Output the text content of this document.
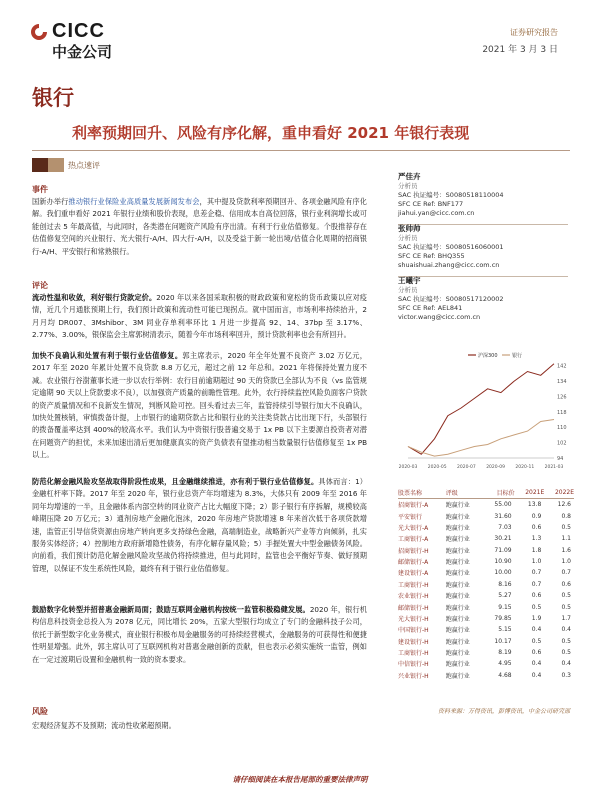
CICC
中金公司
证券研究报告
2021 年 3 月 3 日
银行
利率预期回升、风险有序化解，重申看好 2021 年银行表现
热点速评
事件
国新办举行推动银行业保险业高质量发展新闻发布会，其中提及贷款利率预期回升、各项金融风险有序化解。我们重申看好 2021 年银行业绩和股价表现，息差企稳、信用成本自高位回落，银行业利润增长或可能创过去 5 年最高值，与此同时，各类潜在问题资产风险有序出清。有利于行业估值修复。个股推荐存在估值修复空间的兴业银行、光大银行-A/H、四大行-A/H，以及受益于新一轮出境/估值合化周期的招商银行-A/H、平安银行和常熟银行。
评论
流动性温和收敛，利好银行贷款定价。2020 年以来各国采取积极的财政政策和宽松的货币政策以应对疫情，近几个月通胀预期上行，我们预计政策和流动性可能已现拐点。就中国而言，市场利率持续抬升，2 月月均 DR007、3Mshibor、3M 同业存单利率环比 1 月进一步提高 92、14、37bp 至 3.17%、2.77%、3.00%，银保监会主席郭树清表示，随着今年市场利率回升，预计贷款利率也会有所回升。
加快不良确认和处置有利于银行业估值修复。郭主席表示，2020 年全年处置不良资产 3.02 万亿元，2017 年至 2020 年累计处置不良贷款 8.8 万亿元，超过之前 12 年总和。2021 年将保持处置力度不减。农业银行谷澍董事长进一步以农行举例：农行目前逾期超过 90 天的贷款已全部认为不良（vs 监管规定逾期 90 天以上贷款要求不良），以加强资产质量的前瞻性管理。此外，农行持续监控风险负面客户贷款的资产质量情况和不良新发生情况，判断风险可控。回头看过去三年，监管持续引导银行加大不良确认，加快处置核销，审慎拨备计提，上市银行的逾期贷款占比和银行业的关注类贷款占比出现下行，头部银行的拨备覆盖率达到 400%的较高水平。我们认为中资银行股普遍交易于 1x PB 以下主要源自投资者对潜在问题资产的担忧，未来加速出清后更加健康真实的资产负债表有望推动相当数量银行估值修复至 1x PB 以上。
防范化解金融风险攻坚战取得阶段性成果，且金融继续推进，亦有利于银行业估值修复。具体而言：1）金融杠杆率下降。2017 年至 2020 年，银行业总资产年均增速为 8.3%，大体只有 2009 年至 2016 年同年均增速的一半，且金融体系内部空转的同业资产占比大幅度下降；2）影子银行有序拆解，规模较高峰期压降 20 万亿元；3）通剂房地产金融化泡沫，2020 年房地产贷款增速 8 年来首次低于各项贷款增速，监管正引导信贷资源由房地产转向更多支持绿色金融，高端制造业，战略新兴产业等方向倾斜，扎实服务实体经济；4）控制地方政府新增隐性债务，有序化解存量风险；5）手握处置大中型金融债务风险。向前看，我们预计防范化解金融风险攻坚战仍将持续推进，但与此同时，监管也会平衡好节奏、做好预期管理，以保证不发生系统性风险，最终有利于银行业估值修复。
鼓励数字化转型并招普惠金融新局面；鼓励互联网金融机构按统一监管积极稳健发展。2020 年，银行机构信息科技资金总投入为 2078 亿元，同比增长 20%，五家大型银行均成立了专门的金融科技子公司，依托于新型数字化业务模式，商业银行积极布局金融服务的可持续经营模式，金融服务的可获得性和便捷性明显增强。此外，郭主席认可了互联网机构对普惠金融创新的贡献，但也表示必须实施统一监管，例如在一定过渡期后设置和金融机构一致的资本要求。
风险
宏观经济复苏不及预期；流动性收紧超预期。
严佳卉
分析员
SAC 执证编号：S0080518110004
SFC CE Ref: BNF177
jiahui.yan@cicc.com.cn
张帅帅
分析员
SAC 执证编号：S0080516060001
SFC CE Ref: BHQ355
shuaishuai.zhang@cicc.com.cn
王曦宇
分析员
SAC 执证编号：S0080517120002
SFC CE Ref: AEL841
victor.wang@cicc.com.cn
94
102
110
118
126
134
142
沪深300	银行
2020-03 2020-05 2020-07 2020-09 2020-11 2021-03
股票名称	评级	目标价	2021E	2022E
招商银行-A	跑赢行业	55.00	13.8	12.6
平安银行	跑赢行业	31.60	0.9	0.8
光大银行-A	跑赢行业	7.03	0.6	0.5
工商银行-A	跑赢行业	30.21	1.3	1.1
招商银行-H	跑赢行业	71.09	1.8	1.6
邮储银行-A	跑赢行业	10.90	1.0	1.0
建设银行-A	跑赢行业	10.00	0.7	0.7
工商银行-H	跑赢行业	8.16	0.7	0.6
农业银行-H	跑赢行业	5.27	0.6	0.5
邮储银行-H	跑赢行业	9.15	0.5	0.5
光大银行-H	跑赢行业	79.85	1.9	1.7
中国银行-H	跑赢行业	5.15	0.4	0.4
建设银行-H	跑赢行业	10.17	0.5	0.5
工商银行-H	跑赢行业	8.19	0.6	0.5
中信银行-H	跑赢行业	4.95	0.4	0.4
兴业银行-H	跑赢行业	4.68	0.4	0.3
资料来源：万得资讯，彭博资讯，中金公司研究部
请仔细阅读在本报告尾部的重要法律声明
